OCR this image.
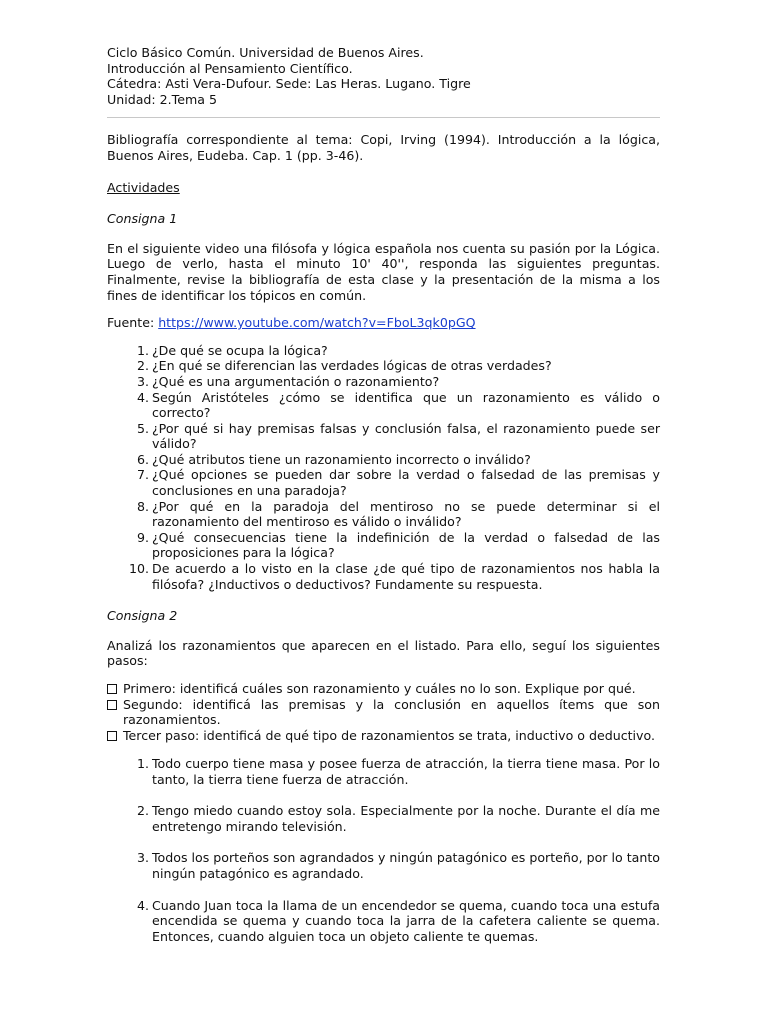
Ciclo Básico Común. Universidad de Buenos Aires.
Introducción al Pensamiento Científico.
Cátedra: Asti Vera-Dufour. Sede: Las Heras. Lugano. Tigre
Unidad: 2.Tema 5

Bibliografía correspondiente al tema: Copi, Irving (1994). Introducción a la lógica, Buenos Aires, Eudeba. Cap. 1 (pp. 3-46).

Actividades

Consigna 1

En el siguiente video una filósofa y lógica española nos cuenta su pasión por la Lógica. Luego de verlo, hasta el minuto 10' 40'', responda las siguientes preguntas. Finalmente, revise la bibliografía de esta clase y la presentación de la misma a los fines de identificar los tópicos en común.

Fuente: https://www.youtube.com/watch?v=FboL3qk0pGQ

1. ¿De qué se ocupa la lógica?
2. ¿En qué se diferencian las verdades lógicas de otras verdades?
3. ¿Qué es una argumentación o razonamiento?
4. Según Aristóteles ¿cómo se identifica que un razonamiento es válido o correcto?
5. ¿Por qué si hay premisas falsas y conclusión falsa, el razonamiento puede ser válido?
6. ¿Qué atributos tiene un razonamiento incorrecto o inválido?
7. ¿Qué opciones se pueden dar sobre la verdad o falsedad de las premisas y conclusiones en una paradoja?
8. ¿Por qué en la paradoja del mentiroso no se puede determinar si el razonamiento del mentiroso es válido o inválido?
9. ¿Qué consecuencias tiene la indefinición de la verdad o falsedad de las proposiciones para la lógica?
10. De acuerdo a lo visto en la clase ¿de qué tipo de razonamientos nos habla la filósofa? ¿Inductivos o deductivos? Fundamente su respuesta.

Consigna 2

Analizá los razonamientos que aparecen en el listado. Para ello, seguí los siguientes pasos:

Primero: identificá cuáles son razonamiento y cuáles no lo son. Explique por qué.
Segundo: identificá las premisas y la conclusión en aquellos ítems que son razonamientos.
Tercer paso: identificá de qué tipo de razonamientos se trata, inductivo o deductivo.
1. Todo cuerpo tiene masa y posee fuerza de atracción, la tierra tiene masa. Por lo tanto, la tierra tiene fuerza de atracción.
2. Tengo miedo cuando estoy sola. Especialmente por la noche. Durante el día me entretengo mirando televisión.
3. Todos los porteños son agrandados y ningún patagónico es porteño, por lo tanto ningún patagónico es agrandado.
4. Cuando Juan toca la llama de un encendedor se quema, cuando toca una estufa encendida se quema y cuando toca la jarra de la cafetera caliente se quema. Entonces, cuando alguien toca un objeto caliente te quemas.
